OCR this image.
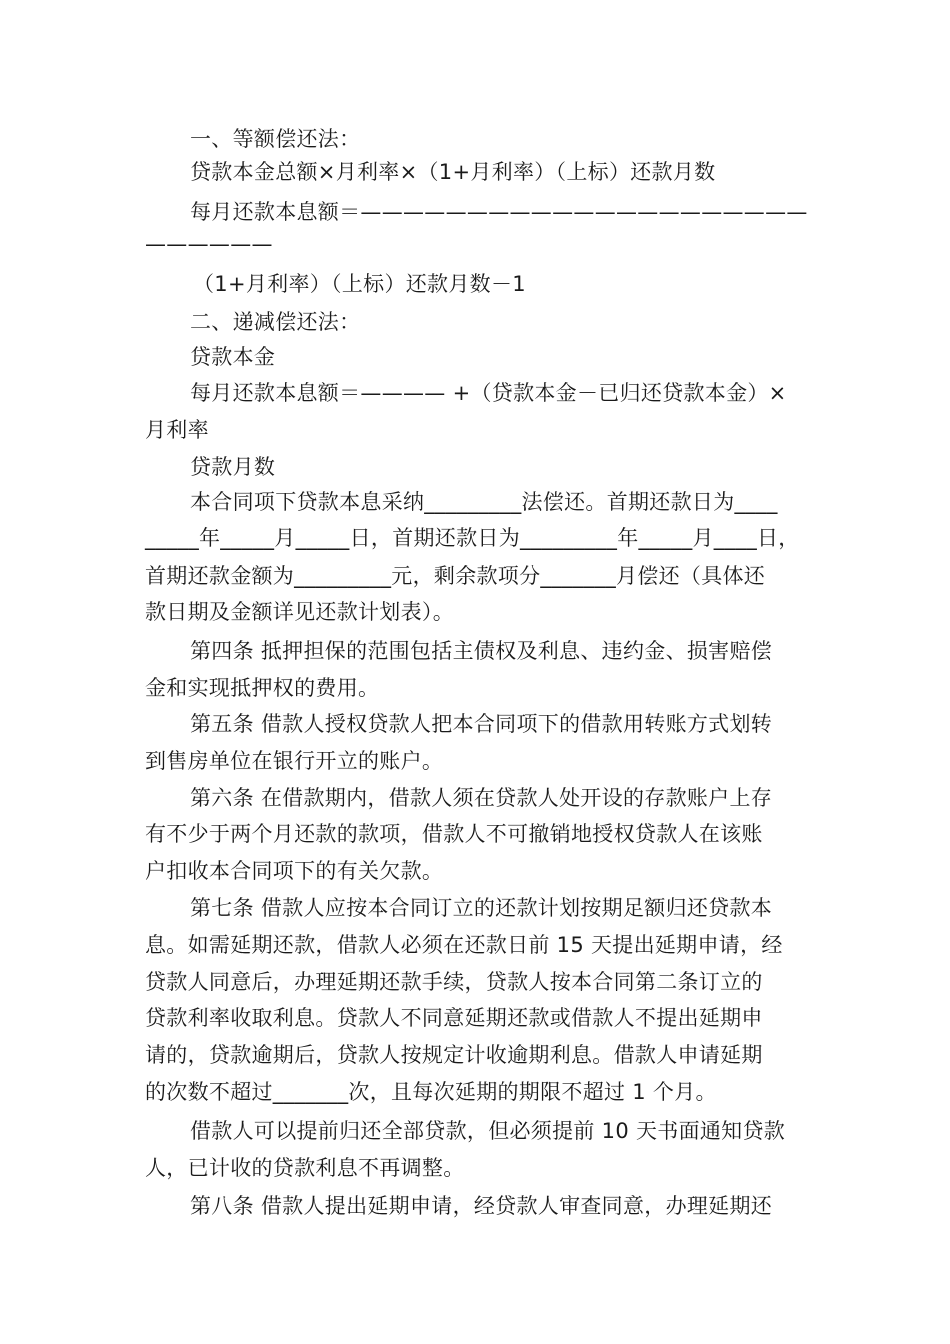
一、等额偿还法：
贷款本金总额×月利率×（1+月利率）（上标）还款月数
每月还款本息额＝—————————————————————
——————
（1+月利率）（上标）还款月数－1
二、递减偿还法：
贷款本金
每月还款本息额＝———— +（贷款本金－已归还贷款本金）×
月利率
贷款月数
本合同项下贷款本息采纳_________法偿还。首期还款日为____
_____年_____月_____日，首期还款日为_________年_____月____日，
首期还款金额为_________元，剩余款项分_______月偿还（具体还
款日期及金额详见还款计划表）。
第四条 抵押担保的范围包括主债权及利息、违约金、损害赔偿
金和实现抵押权的费用。
第五条 借款人授权贷款人把本合同项下的借款用转账方式划转
到售房单位在银行开立的账户。
第六条 在借款期内，借款人须在贷款人处开设的存款账户上存
有不少于两个月还款的款项，借款人不可撤销地授权贷款人在该账
户扣收本合同项下的有关欠款。
第七条 借款人应按本合同订立的还款计划按期足额归还贷款本
息。如需延期还款，借款人必须在还款日前 15 天提出延期申请，经
贷款人同意后，办理延期还款手续，贷款人按本合同第二条订立的
贷款利率收取利息。贷款人不同意延期还款或借款人不提出延期申
请的，贷款逾期后，贷款人按规定计收逾期利息。借款人申请延期
的次数不超过_______次，且每次延期的期限不超过 1 个月。
借款人可以提前归还全部贷款，但必须提前 10 天书面通知贷款
人，已计收的贷款利息不再调整。
第八条 借款人提出延期申请，经贷款人审查同意，办理延期还
